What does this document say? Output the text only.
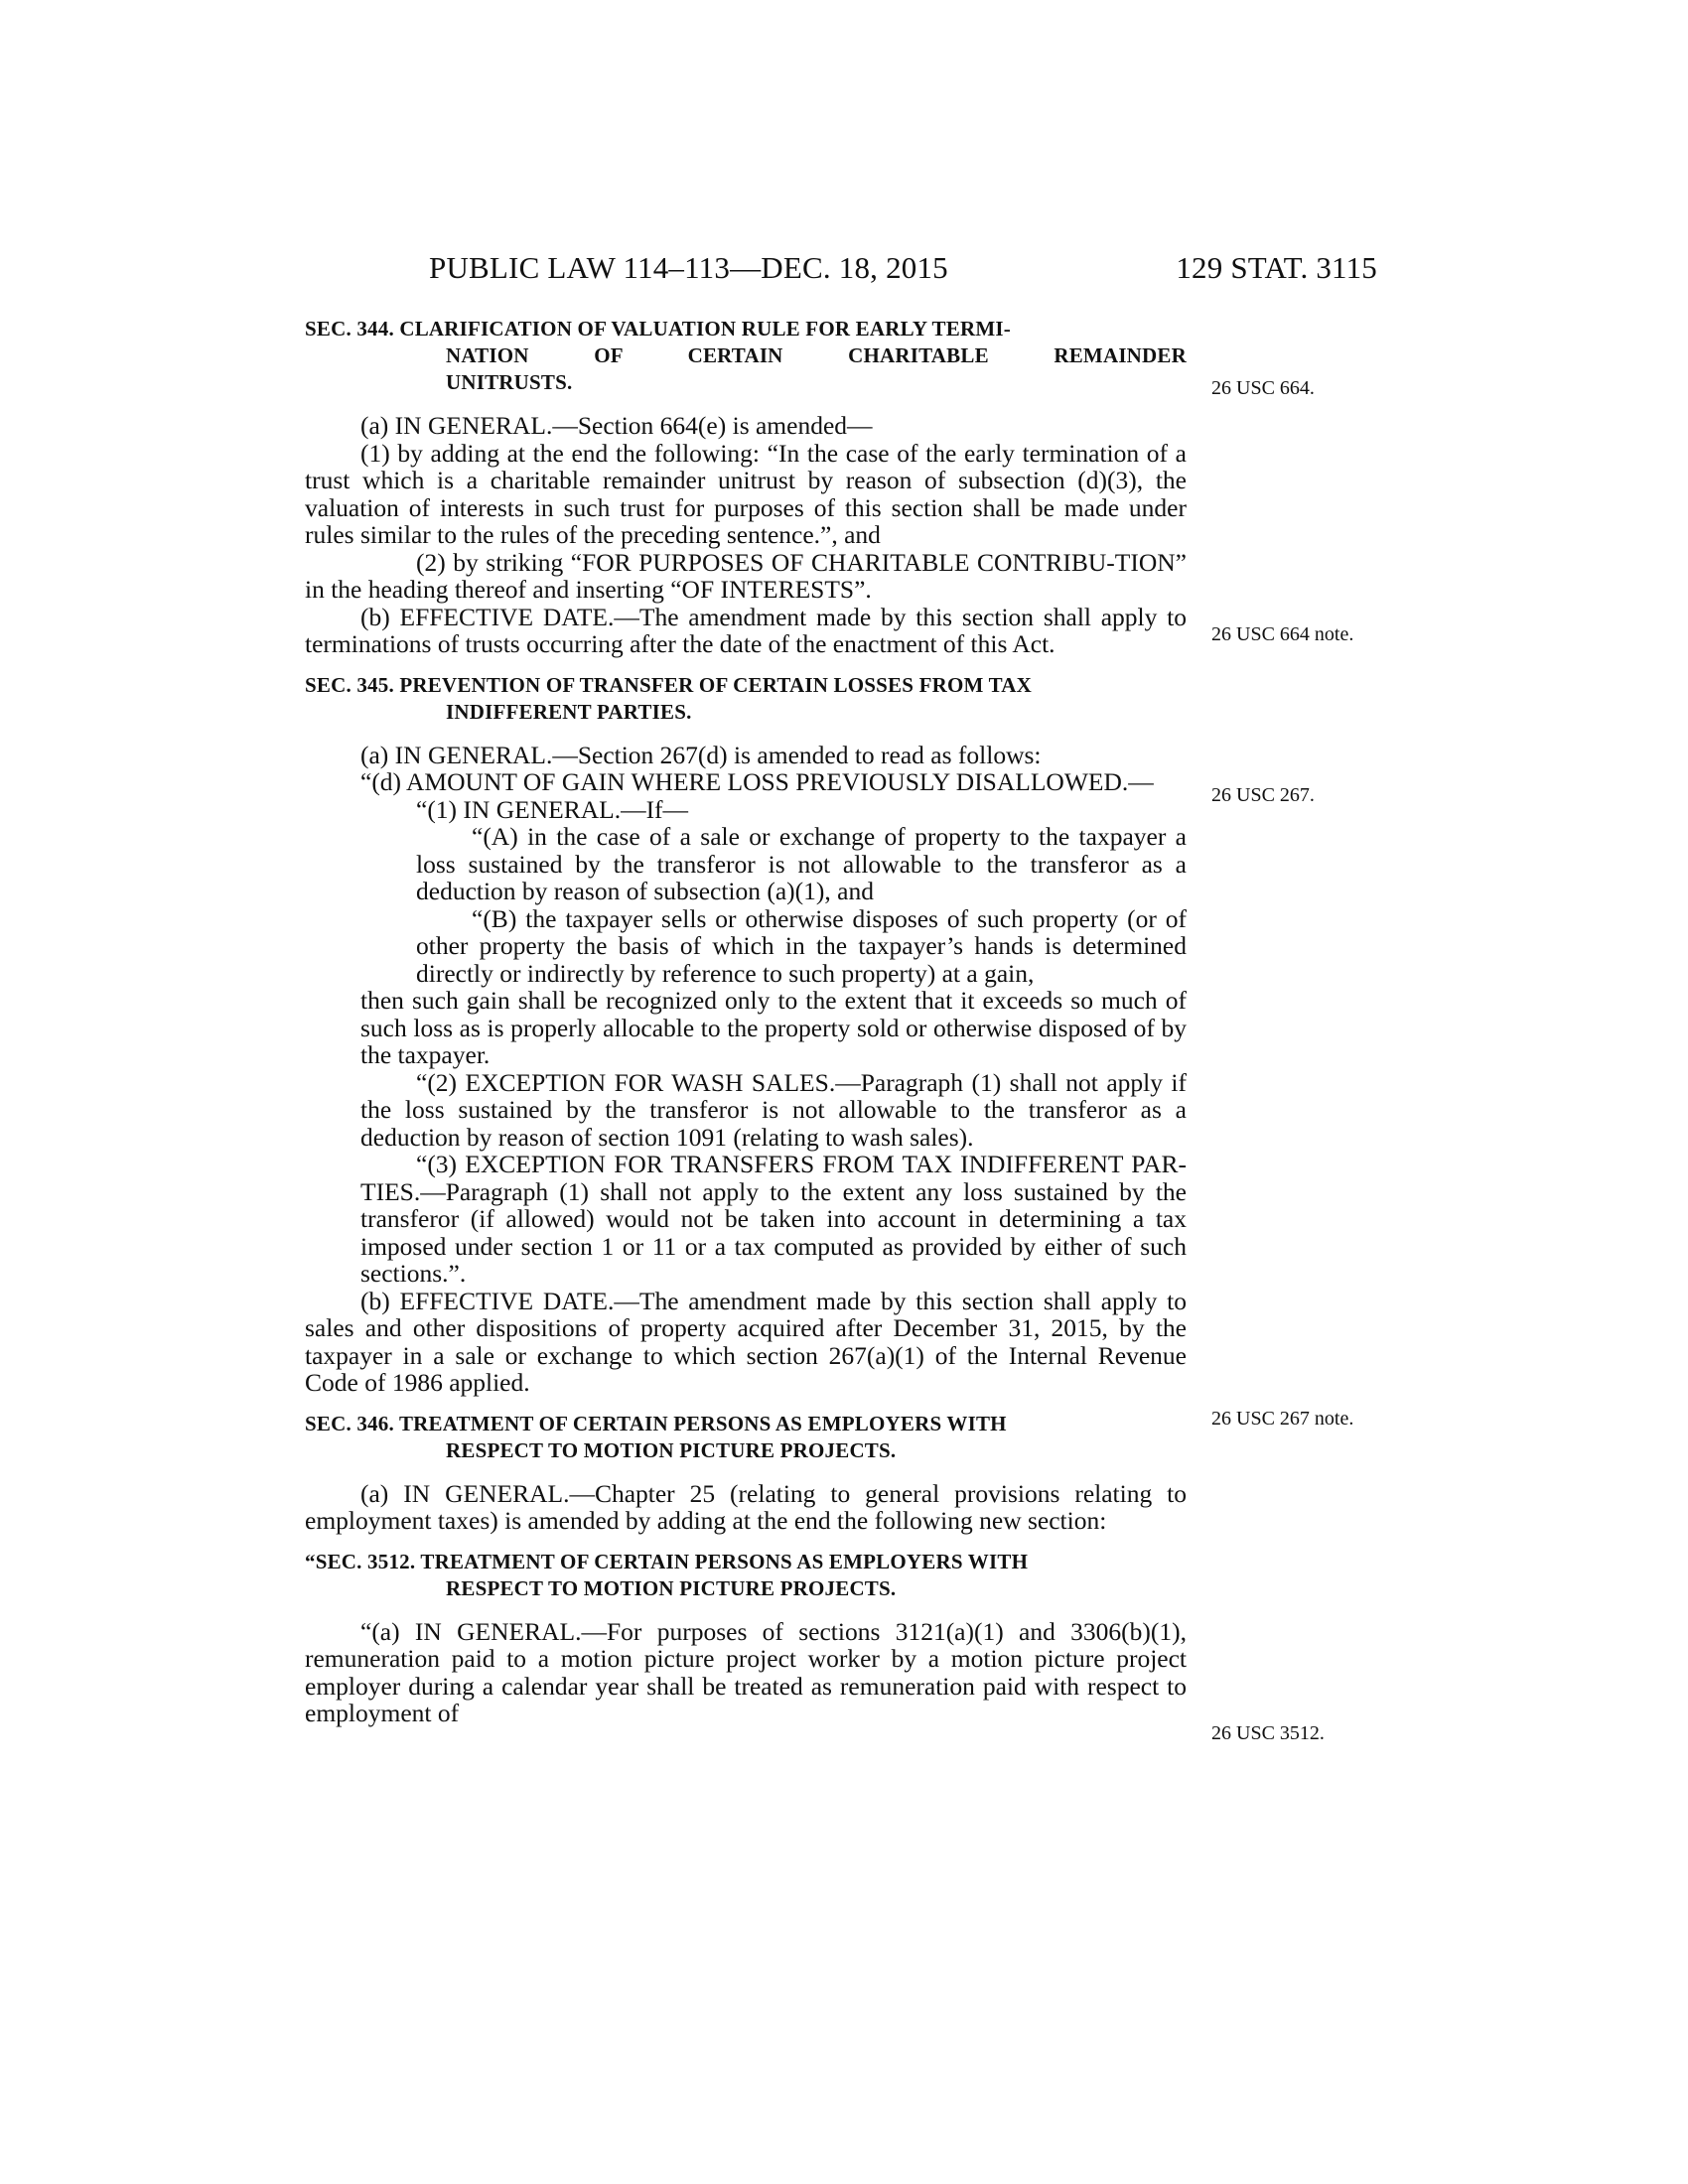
PUBLIC LAW 114–113—DEC. 18, 2015	129 STAT. 3115
SEC. 344. CLARIFICATION OF VALUATION RULE FOR EARLY TERMI-
NATION OF CERTAIN CHARITABLE REMAINDER
UNITRUSTS.

(a) IN GENERAL.—Section 664(e) is amended—

(1) by adding at the end the following: “In the case of the early termination of a trust which is a charitable remainder unitrust by reason of subsection (d)(3), the valuation of interests in such trust for purposes of this section shall be made under rules similar to the rules of the preceding sentence.”, and

(2) by striking “FOR PURPOSES OF CHARITABLE CONTRIBU-TION” in the heading thereof and inserting “OF INTERESTS”.

(b) EFFECTIVE DATE.—The amendment made by this section shall apply to terminations of trusts occurring after the date of the enactment of this Act.

SEC. 345. PREVENTION OF TRANSFER OF CERTAIN LOSSES FROM TAX
INDIFFERENT PARTIES.

(a) IN GENERAL.—Section 267(d) is amended to read as follows:

“(d) AMOUNT OF GAIN WHERE LOSS PREVIOUSLY DISALLOWED.—

“(1) IN GENERAL.—If—

“(A) in the case of a sale or exchange of property to the taxpayer a loss sustained by the transferor is not allowable to the transferor as a deduction by reason of subsection (a)(1), and

“(B) the taxpayer sells or otherwise disposes of such property (or of other property the basis of which in the taxpayer’s hands is determined directly or indirectly by reference to such property) at a gain,

then such gain shall be recognized only to the extent that it exceeds so much of such loss as is properly allocable to the property sold or otherwise disposed of by the taxpayer.

“(2) EXCEPTION FOR WASH SALES.—Paragraph (1) shall not apply if the loss sustained by the transferor is not allowable to the transferor as a deduction by reason of section 1091 (relating to wash sales).

“(3) EXCEPTION FOR TRANSFERS FROM TAX INDIFFERENT PAR-TIES.—Paragraph (1) shall not apply to the extent any loss sustained by the transferor (if allowed) would not be taken into account in determining a tax imposed under section 1 or 11 or a tax computed as provided by either of such sections.”.

(b) EFFECTIVE DATE.—The amendment made by this section shall apply to sales and other dispositions of property acquired after December 31, 2015, by the taxpayer in a sale or exchange to which section 267(a)(1) of the Internal Revenue Code of 1986 applied.

SEC. 346. TREATMENT OF CERTAIN PERSONS AS EMPLOYERS WITH
RESPECT TO MOTION PICTURE PROJECTS.

(a) IN GENERAL.—Chapter 25 (relating to general provisions relating to employment taxes) is amended by adding at the end the following new section:

“SEC. 3512. TREATMENT OF CERTAIN PERSONS AS EMPLOYERS WITH
RESPECT TO MOTION PICTURE PROJECTS.

“(a) IN GENERAL.—For purposes of sections 3121(a)(1) and 3306(b)(1), remuneration paid to a motion picture project worker by a motion picture project employer during a calendar year shall be treated as remuneration paid with respect to employment of

26 USC 664.
26 USC 664 note.
26 USC 267.
26 USC 267 note.
26 USC 3512.
